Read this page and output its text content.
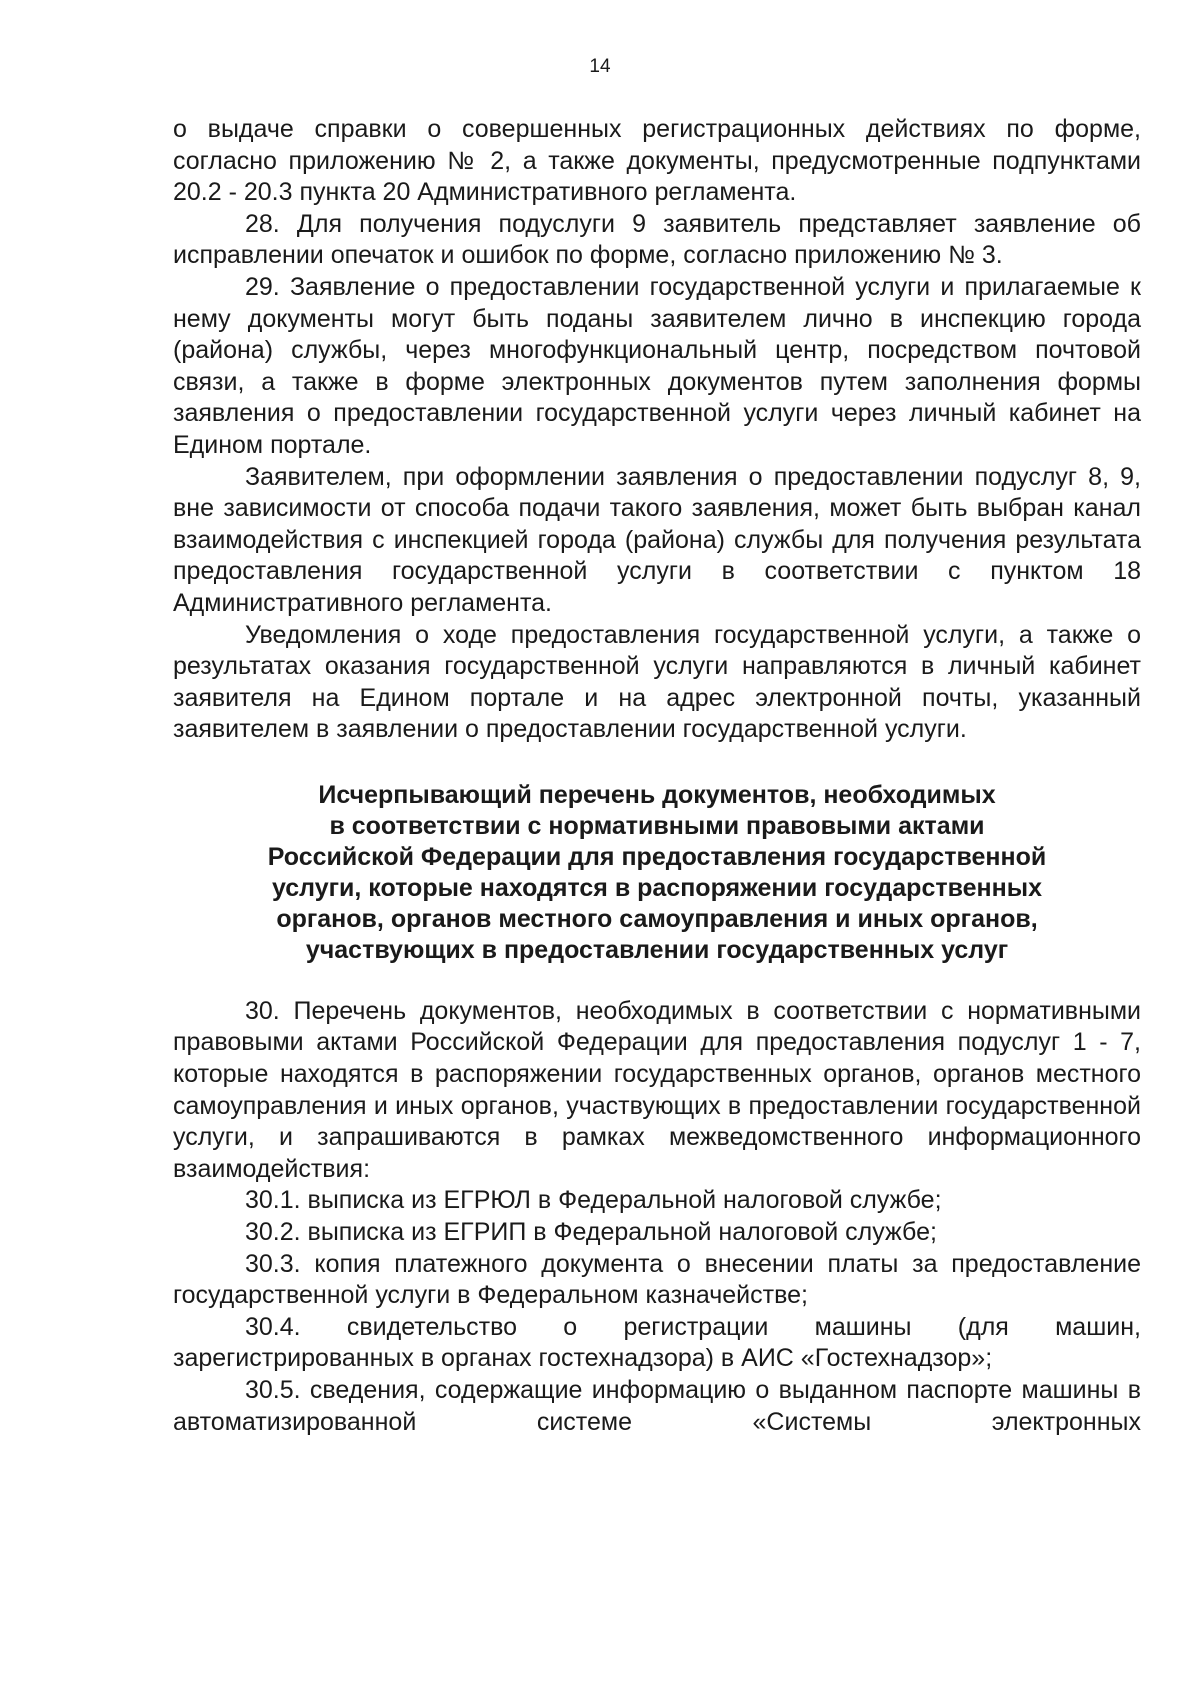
14

о выдаче справки о совершенных регистрационных действиях по форме, согласно приложению № 2, а также документы, предусмотренные подпунктами 20.2 - 20.3 пункта 20 Административного регламента.

28. Для получения подуслуги 9 заявитель представляет заявление об исправлении опечаток и ошибок по форме, согласно приложению № 3.

29. Заявление о предоставлении государственной услуги и прилагаемые к нему документы могут быть поданы заявителем лично в инспекцию города (района) службы, через многофункциональный центр, посредством почтовой связи, а также в форме электронных документов путем заполнения формы заявления о предоставлении государственной услуги через личный кабинет на Едином портале.

Заявителем, при оформлении заявления о предоставлении подуслуг 8, 9, вне зависимости от способа подачи такого заявления, может быть выбран канал взаимодействия с инспекцией города (района) службы для получения результата предоставления государственной услуги в соответствии с пунктом 18 Административного регламента.

Уведомления о ходе предоставления государственной услуги, а также о результатах оказания государственной услуги направляются в личный кабинет заявителя на Едином портале и на адрес электронной почты, указанный заявителем в заявлении о предоставлении государственной услуги.

Исчерпывающий перечень документов, необходимых
в соответствии с нормативными правовыми актами
Российской Федерации для предоставления государственной
услуги, которые находятся в распоряжении государственных
органов, органов местного самоуправления и иных органов,
участвующих в предоставлении государственных услуг

30. Перечень документов, необходимых в соответствии с нормативными правовыми актами Российской Федерации для предоставления подуслуг 1 - 7, которые находятся в распоряжении государственных органов, органов местного самоуправления и иных органов, участвующих в предоставлении государственной услуги, и запрашиваются в рамках межведомственного информационного взаимодействия:

30.1. выписка из ЕГРЮЛ в Федеральной налоговой службе;

30.2. выписка из ЕГРИП в Федеральной налоговой службе;

30.3. копия платежного документа о внесении платы за предоставление государственной услуги в Федеральном казначействе;

30.4. свидетельство о регистрации машины (для машин, зарегистрированных в органах гостехнадзора) в АИС «Гостехнадзор»;

30.5. сведения, содержащие информацию о выданном паспорте машины в автоматизированной системе «Системы электронных
